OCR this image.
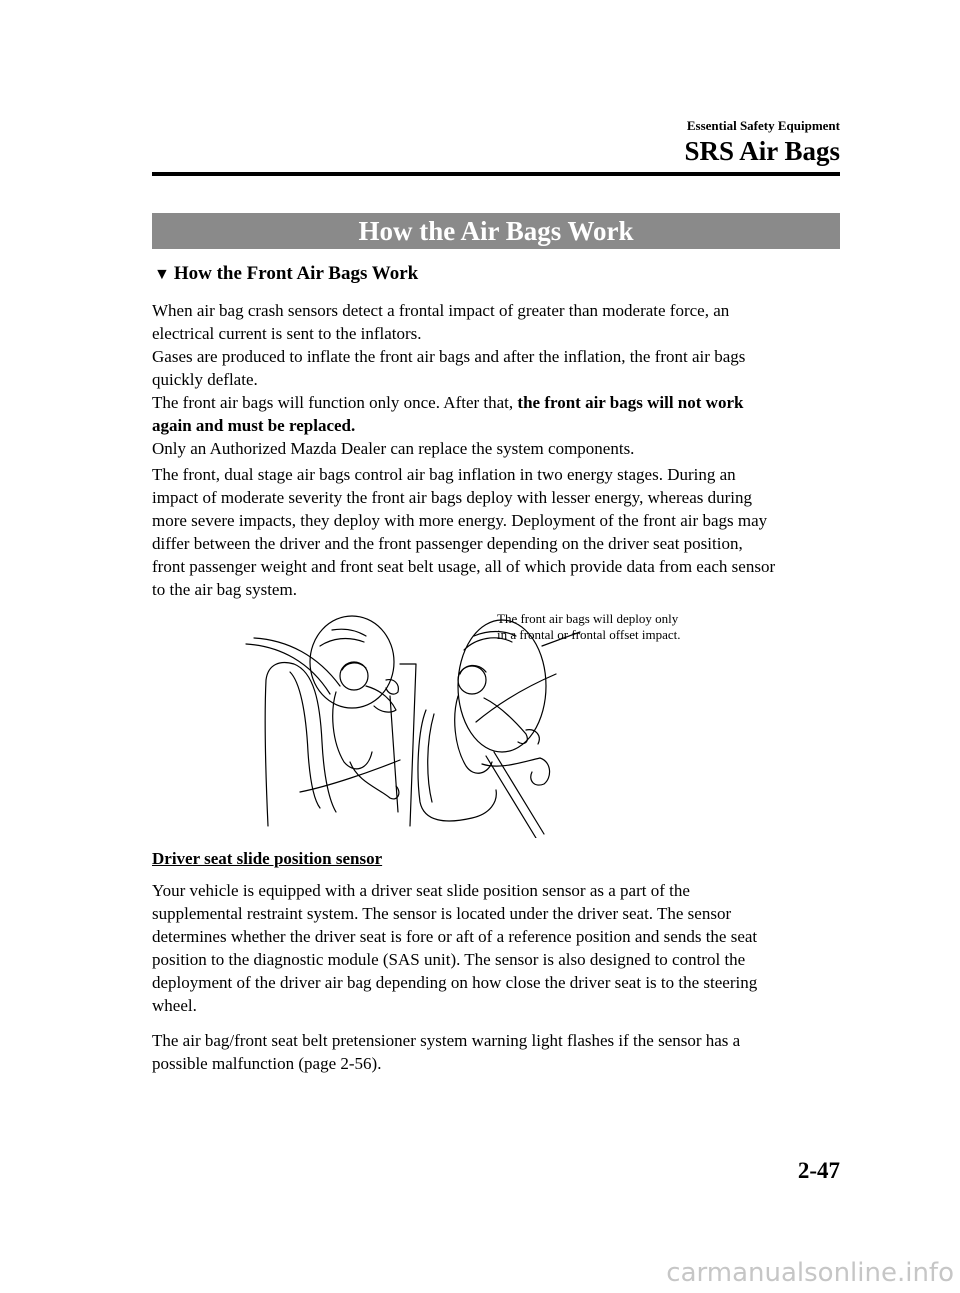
Essential Safety Equipment
SRS Air Bags
How the Air Bags Work
▼ How the Front Air Bags Work
When air bag crash sensors detect a frontal impact of greater than moderate force, an
electrical current is sent to the inflators.
Gases are produced to inflate the front air bags and after the inflation, the front air bags
quickly deflate.
The front air bags will function only once. After that, the front air bags will not work
again and must be replaced.
Only an Authorized Mazda Dealer can replace the system components.
The front, dual stage air bags control air bag inflation in two energy stages. During an
impact of moderate severity the front air bags deploy with lesser energy, whereas during
more severe impacts, they deploy with more energy. Deployment of the front air bags may
differ between the driver and the front passenger depending on the driver seat position,
front passenger weight and front seat belt usage, all of which provide data from each sensor
to the air bag system.
The front air bags will deploy only
in a frontal or frontal offset impact.
Driver seat slide position sensor
Your vehicle is equipped with a driver seat slide position sensor as a part of the
supplemental restraint system. The sensor is located under the driver seat. The sensor
determines whether the driver seat is fore or aft of a reference position and sends the seat
position to the diagnostic module (SAS unit). The sensor is also designed to control the
deployment of the driver air bag depending on how close the driver seat is to the steering
wheel.
The air bag/front seat belt pretensioner system warning light flashes if the sensor has a
possible malfunction (page 2-56).
2-47
carmanualsonline.info
